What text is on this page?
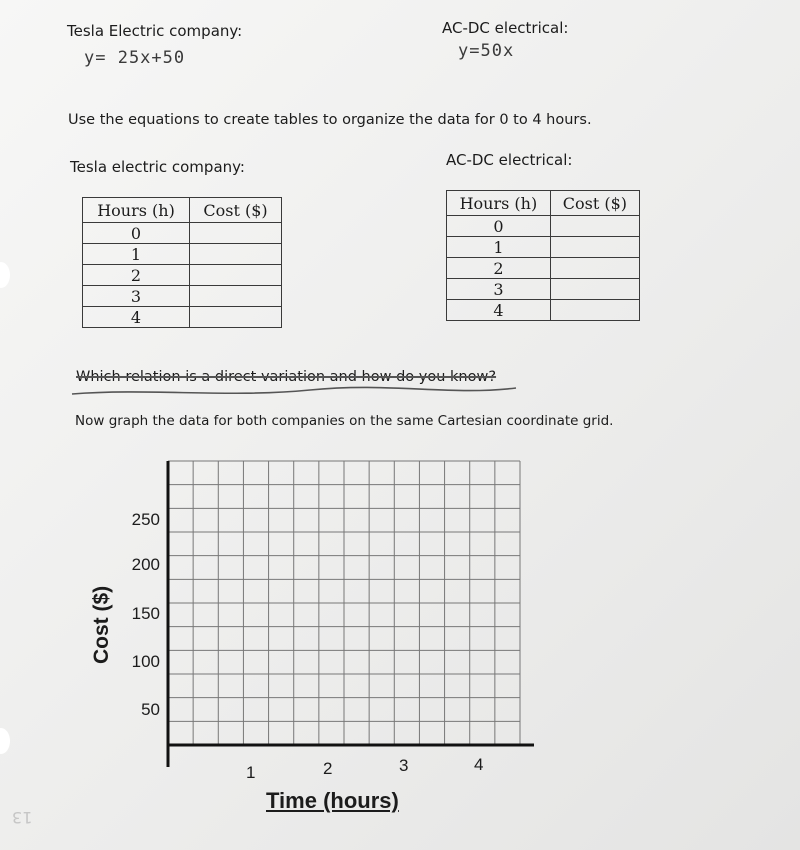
Tesla Electric company:
y= 25x+50
AC-DC electrical:
y=50x
Use the equations to create tables to organize the data for 0 to 4 hours.
Tesla electric company:
Hours (h)	Cost ($)
0	
1	
2	
3	
4	
AC-DC electrical:
Hours (h)	Cost ($)
0	
1	
2	
3	
4	
Which relation is a direct variation and how do you know?
Now graph the data for both companies on the same Cartesian coordinate grid.
250
200
150
100
50
Cost ($)
1	2	3	4
Time (hours)
13
